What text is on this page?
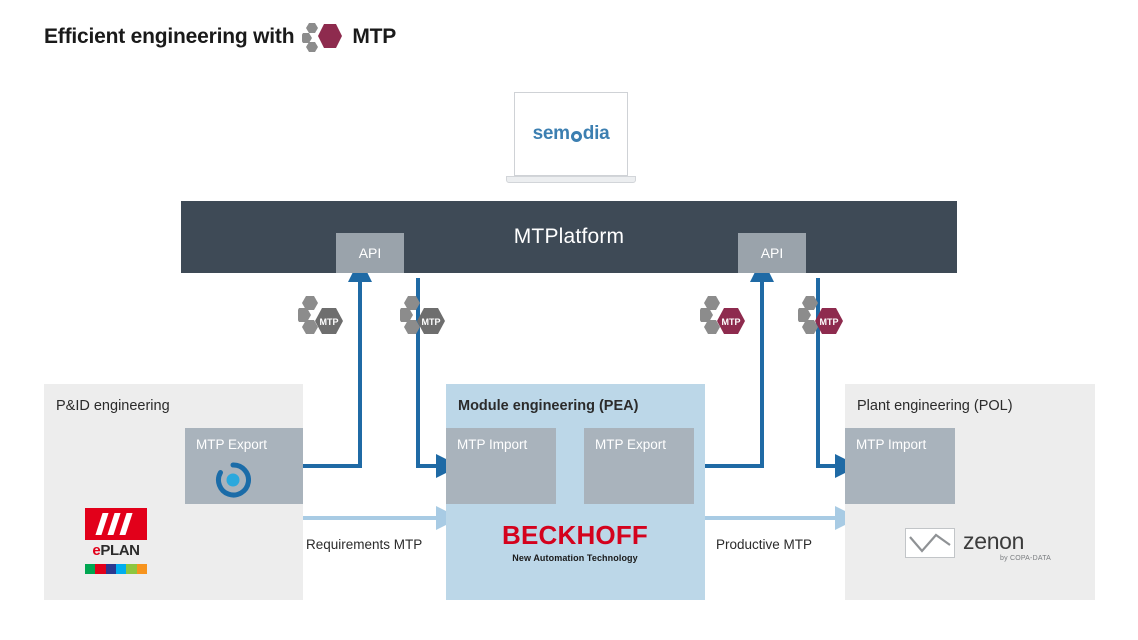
Efficient engineering with	MTP
sem dia
MTPlatform
API	API
MTP	MTP	MTP	MTP
P&ID engineering
MTP Export
ePLAN
Module engineering (PEA)
MTP Import	MTP Export
BECKHOFF
New Automation Technology
Plant engineering (POL)
MTP Import
zenon
by COPA-DATA
Requirements MTP	Productive MTP
